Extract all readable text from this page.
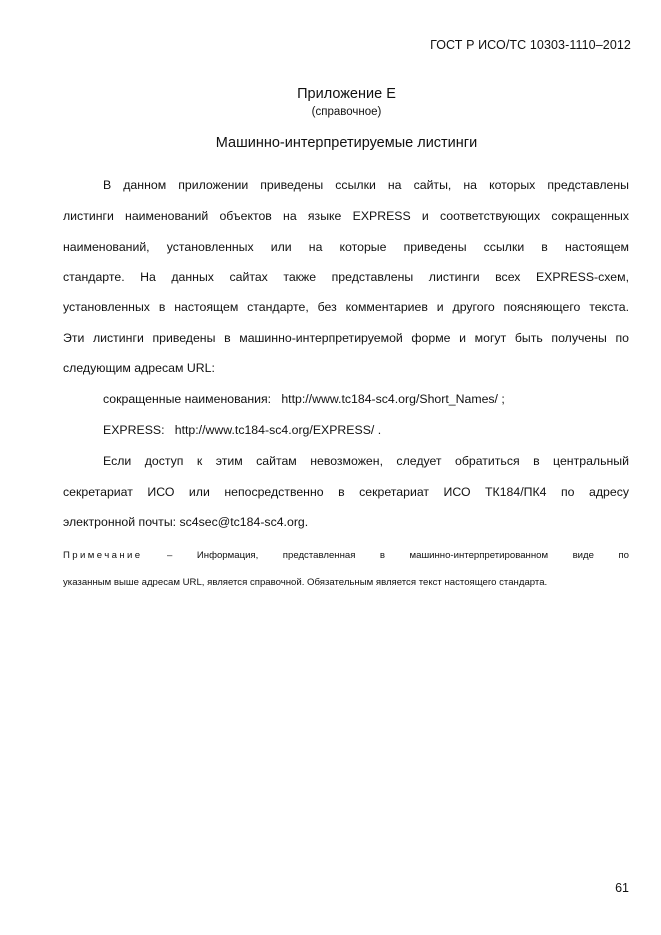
ГОСТ Р ИСО/ТС 10303-1110–2012
Приложение Е
(справочное)
Машинно-интерпретируемые листинги
В данном приложении приведены ссылки на сайты, на которых представлены
листинги наименований объектов на языке EXPRESS и соответствующих сокращенных
наименований, установленных или на которые приведены ссылки в настоящем
стандарте. На данных сайтах также представлены листинги всех EXPRESS-схем,
установленных в настоящем стандарте, без комментариев и другого поясняющего текста.
Эти листинги приведены в машинно-интерпретируемой форме и могут быть получены по
следующим адресам URL:
сокращенные наименования:   http://www.tc184-sc4.org/Short_Names/ ;
EXPRESS:   http://www.tc184-sc4.org/EXPRESS/ .
Если доступ к этим сайтам невозможен, следует обратиться в центральный
секретариат ИСО или непосредственно в секретариат ИСО ТК184/ПК4 по адресу
электронной почты: sc4sec@tc184-sc4.org.
Примечание – Информация, представленная в машинно-интерпретированном виде по
указанным выше адресам URL, является справочной. Обязательным является текст настоящего стандарта.
61
